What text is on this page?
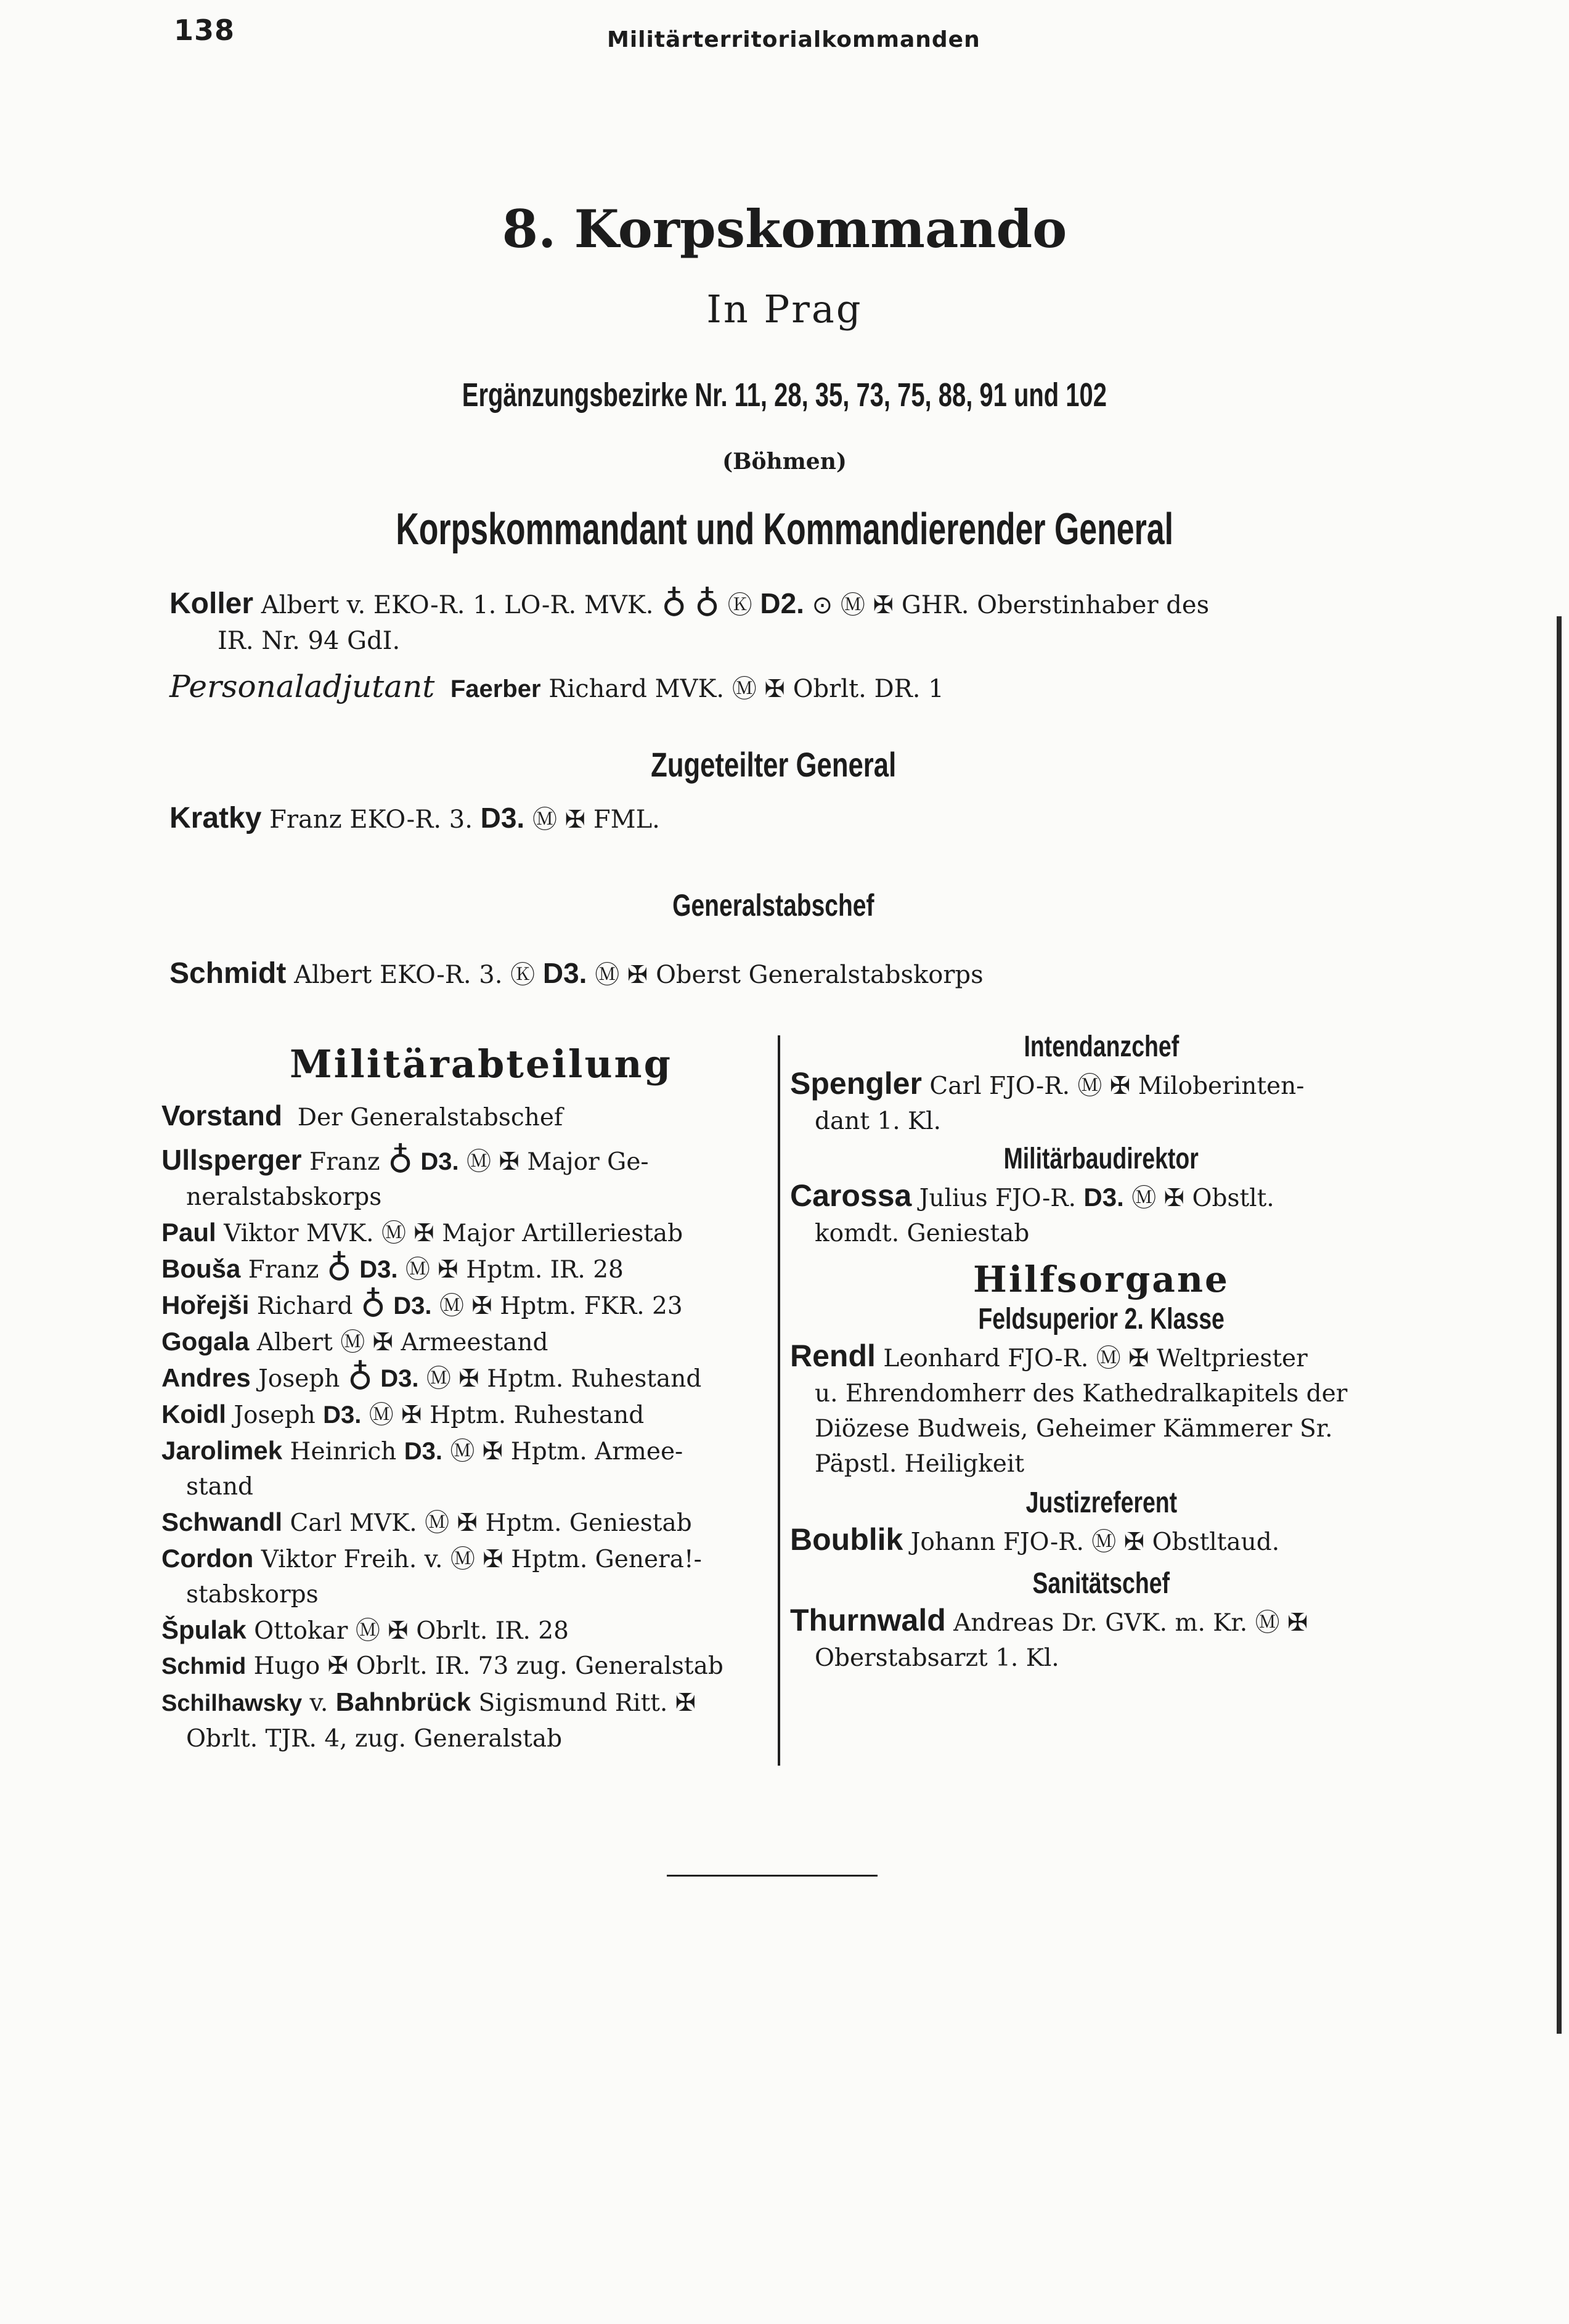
138	Militärterritorialkommanden
8. Korpskommando
In Prag
Ergänzungsbezirke Nr. 11, 28, 35, 73, 75, 88, 91 und 102
(Böhmen)
Korpskommandant und Kommandierender General
Koller Albert v. EKO-R. 1. LO-R. MVK. ♁ ♁ Ⓚ D2. ⊙ Ⓜ ✠ GHR. Oberstinhaber des
IR. Nr. 94 GdI.
Personaladjutant Faerber Richard MVK. Ⓜ ✠ Obrlt. DR. 1
Zugeteilter General
Kratky Franz EKO-R. 3. D3. Ⓜ ✠ FML.
Generalstabschef
Schmidt Albert EKO-R. 3. Ⓚ D3. Ⓜ ✠ Oberst Generalstabskorps
Militärabteilung
Vorstand Der Generalstabschef
Ullsperger Franz ♁ D3. Ⓜ ✠ Major Ge-
neralstabskorps
Paul Viktor MVK. Ⓜ ✠ Major Artilleriestab
Bouša Franz ♁ D3. Ⓜ ✠ Hptm. IR. 28
Hořejši Richard ♁ D3. Ⓜ ✠ Hptm. FKR. 23
Gogala Albert Ⓜ ✠ Armeestand
Andres Joseph ♁ D3. Ⓜ ✠ Hptm. Ruhestand
Koidl Joseph D3. Ⓜ ✠ Hptm. Ruhestand
Jarolimek Heinrich D3. Ⓜ ✠ Hptm. Armee-
stand
Schwandl Carl MVK. Ⓜ ✠ Hptm. Geniestab
Cordon Viktor Freih. v. Ⓜ ✠ Hptm. Genera!-
stabskorps
Špulak Ottokar Ⓜ ✠ Obrlt. IR. 28
Schmid Hugo ✠ Obrlt. IR. 73 zug. Generalstab
Schilhawsky v. Bahnbrück Sigismund Ritt. ✠
Obrlt. TJR. 4, zug. Generalstab
Intendanzchef
Spengler Carl FJO-R. Ⓜ ✠ Miloberinten-
dant 1. Kl.
Militärbaudirektor
Carossa Julius FJO-R. D3. Ⓜ ✠ Obstlt.
komdt. Geniestab
Hilfsorgane
Feldsuperior 2. Klasse
Rendl Leonhard FJO-R. Ⓜ ✠ Weltpriester
u. Ehrendomherr des Kathedralkapitels der
Diözese Budweis, Geheimer Kämmerer Sr.
Päpstl. Heiligkeit
Justizreferent
Boublik Johann FJO-R. Ⓜ ✠ Obstltaud.
Sanitätschef
Thurnwald Andreas Dr. GVK. m. Kr. Ⓜ ✠
Oberstabsarzt 1. Kl.
